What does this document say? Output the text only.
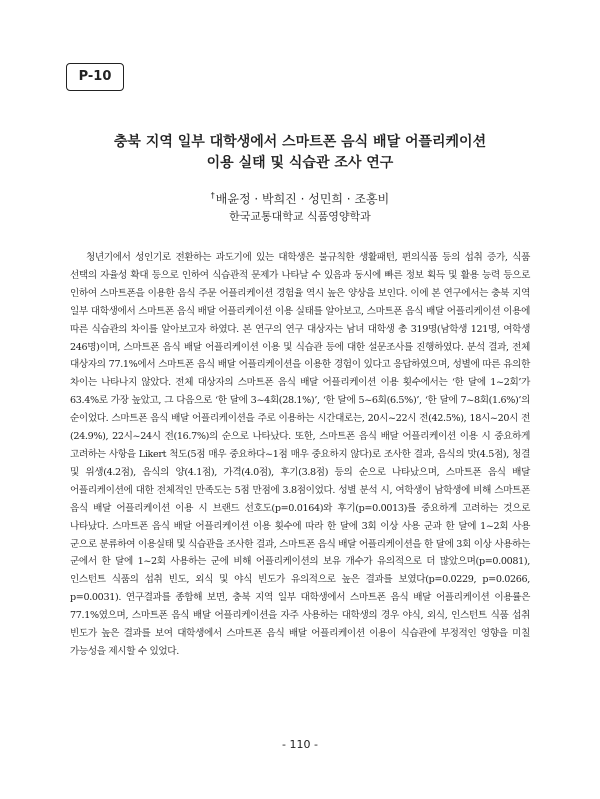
P-10
충북 지역 일부 대학생에서 스마트폰 음식 배달 어플리케이션
이용 실태 및 식습관 조사 연구
†배윤정 · 박희진 · 성민희 · 조홍비
한국교통대학교 식품영양학과

청년기에서 성인기로 전환하는 과도기에 있는 대학생은 불규칙한 생활패턴, 편의식품 등의 섭취 증가, 식품 선택의 자율성 확대 등으로 인하여 식습관적 문제가 나타날 수 있음과 동시에 빠른 정보 획득 및 활용 능력 등으로 인하여 스마트폰을 이용한 음식 주문 어플리케이션 경험율 역시 높은 양상을 보인다. 이에 본 연구에서는 충북 지역 일부 대학생에서 스마트폰 음식 배달 어플리케이션 이용 실태를 알아보고, 스마트폰 음식 배달 어플리케이션 이용에 따른 식습관의 차이를 알아보고자 하였다. 본 연구의 연구 대상자는 남녀 대학생 총 319명(남학생 121명, 여학생 246명)이며, 스마트폰 음식 배달 어플리케이션 이용 및 식습관 등에 대한 설문조사를 진행하였다. 분석 결과, 전체 대상자의 77.1%에서 스마트폰 음식 배달 어플리케이션을 이용한 경험이 있다고 응답하였으며, 성별에 따른 유의한 차이는 나타나지 않았다. 전체 대상자의 스마트폰 음식 배달 어플리케이션 이용 횟수에서는 ‘한 달에 1~2회’가 63.4%로 가장 높았고, 그 다음으로 ‘한 달에 3~4회(28.1%)’, ‘한 달에 5~6회(6.5%)’, ‘한 달에 7~8회(1.6%)’의 순이었다. 스마트폰 음식 배달 어플리케이션을 주로 이용하는 시간대로는, 20시~22시 전(42.5%), 18시~20시 전(24.9%), 22시~24시 전(16.7%)의 순으로 나타났다. 또한, 스마트폰 음식 배달 어플리케이션 이용 시 중요하게 고려하는 사항을 Likert 척도(5점 매우 중요하다~1점 매우 중요하지 않다)로 조사한 결과, 음식의 맛(4.5점), 청결 및 위생(4.2점), 음식의 양(4.1점), 가격(4.0점), 후기(3.8점) 등의 순으로 나타났으며, 스마트폰 음식 배달 어플리케이션에 대한 전체적인 만족도는 5점 만점에 3.8점이었다. 성별 분석 시, 여학생이 남학생에 비해 스마트폰 음식 배달 어플리케이션 이용 시 브랜드 선호도(p=0.0164)와 후기(p=0.0013)를 중요하게 고려하는 것으로 나타났다. 스마트폰 음식 배달 어플리케이션 이용 횟수에 따라 한 달에 3회 이상 사용 군과 한 달에 1~2회 사용 군으로 분류하여 이용실태 및 식습관을 조사한 결과, 스마트폰 음식 배달 어플리케이션을 한 달에 3회 이상 사용하는 군에서 한 달에 1~2회 사용하는 군에 비해 어플리케이션의 보유 개수가 유의적으로 더 많았으며(p=0.0081), 인스턴트 식품의 섭취 빈도, 외식 및 야식 빈도가 유의적으로 높은 결과를 보였다(p=0.0229, p=0.0266, p=0.0031). 연구결과를 종합해 보면, 충북 지역 일부 대학생에서 스마트폰 음식 배달 어플리케이션 이용률은 77.1%였으며, 스마트폰 음식 배달 어플리케이션을 자주 사용하는 대학생의 경우 야식, 외식, 인스턴트 식품 섭취 빈도가 높은 결과를 보여 대학생에서 스마트폰 음식 배달 어플리케이션 이용이 식습관에 부정적인 영향을 미칠 가능성을 제시할 수 있었다.

- 110 -
